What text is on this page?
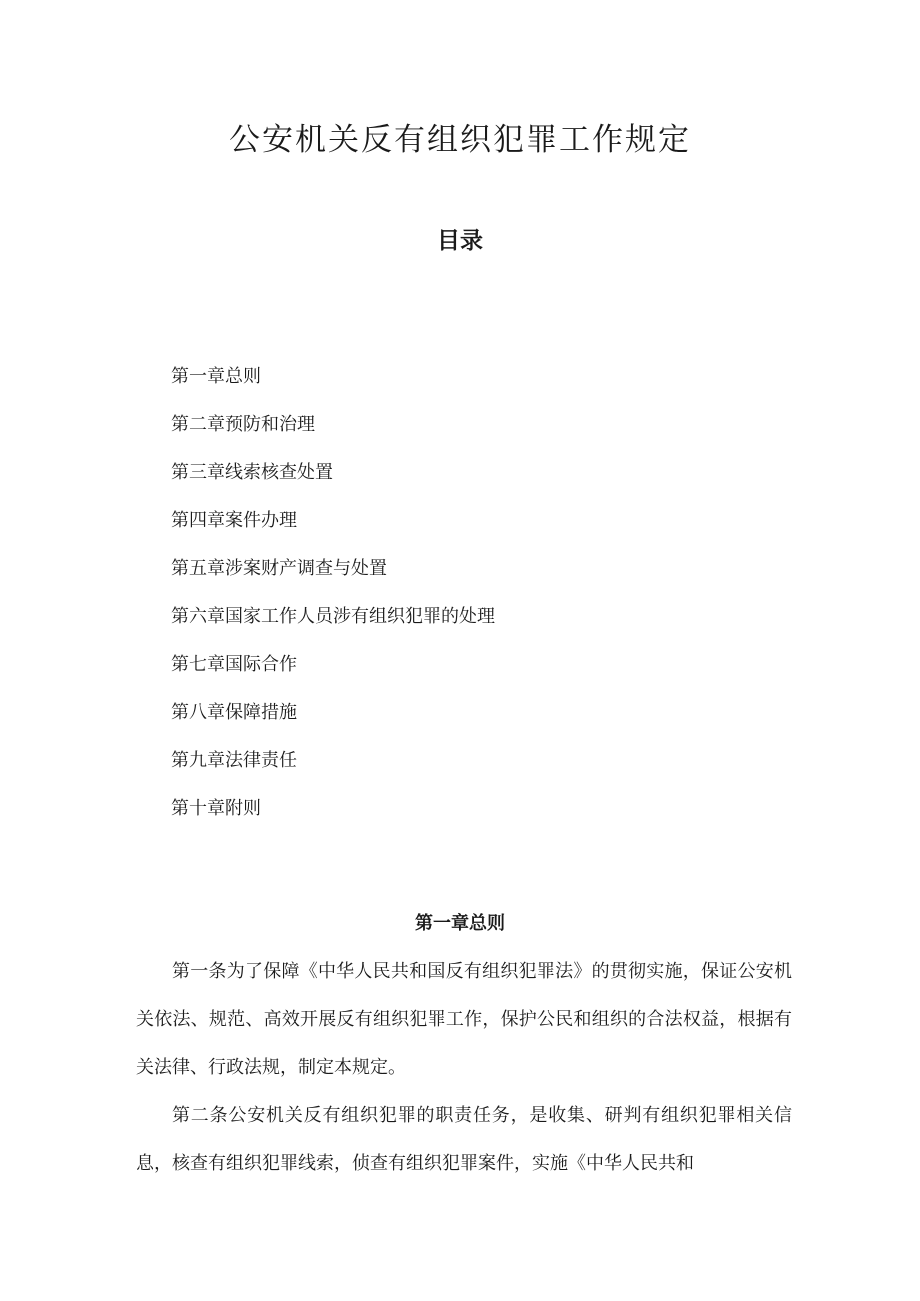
公安机关反有组织犯罪工作规定
目录
第一章总则
第二章预防和治理
第三章线索核查处置
第四章案件办理
第五章涉案财产调查与处置
第六章国家工作人员涉有组织犯罪的处理
第七章国际合作
第八章保障措施
第九章法律责任
第十章附则
第一章总则

第一条为了保障《中华人民共和国反有组织犯罪法》的贯彻实施，保证公安机关依法、规范、高效开展反有组织犯罪工作，保护公民和组织的合法权益，根据有关法律、行政法规，制定本规定。

第二条公安机关反有组织犯罪的职责任务，是收集、研判有组织犯罪相关信息，核查有组织犯罪线索，侦查有组织犯罪案件，实施《中华人民共和
